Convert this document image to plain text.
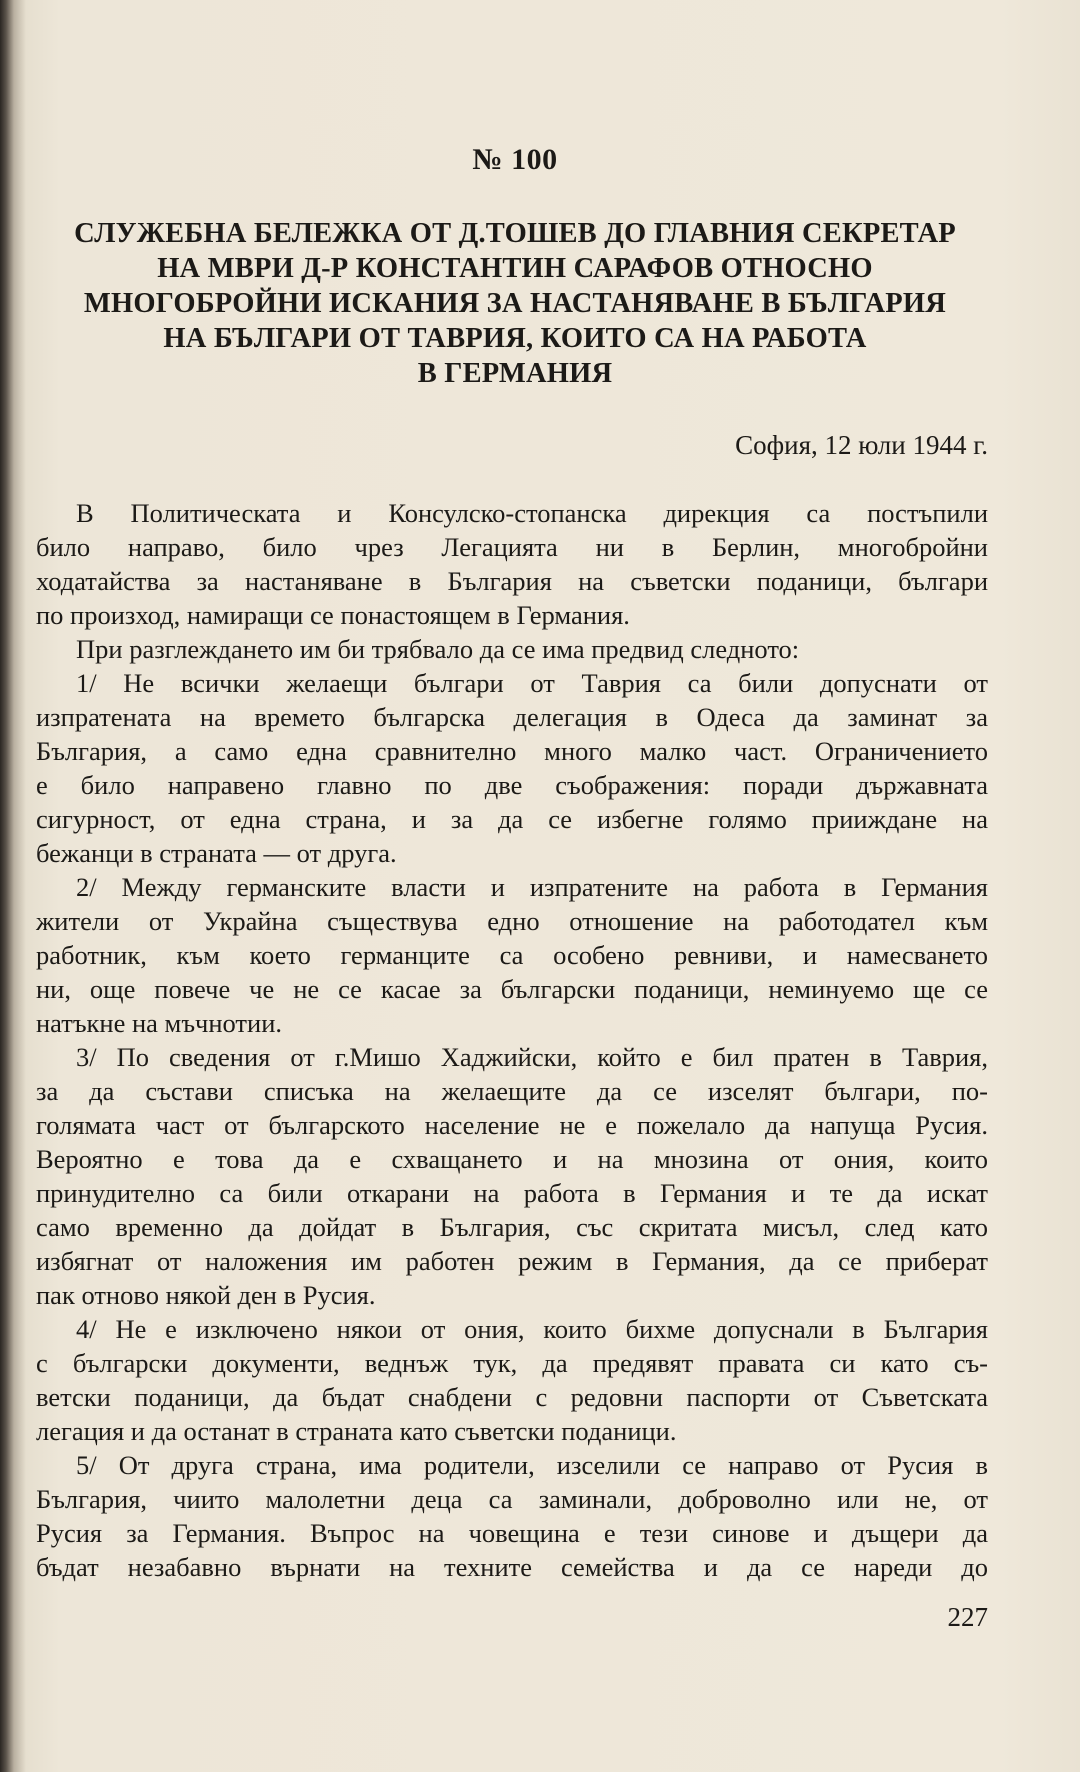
№ 100
СЛУЖЕБНА БЕЛЕЖКА ОТ Д.ТОШЕВ ДО ГЛАВНИЯ СЕКРЕТАР
НА МВРИ Д-Р КОНСТАНТИН САРАФОВ ОТНОСНО
МНОГОБРОЙНИ ИСКАНИЯ ЗА НАСТАНЯВАНЕ В БЪЛГАРИЯ
НА БЪЛГАРИ ОТ ТАВРИЯ, КОИТО СА НА РАБОТА
В ГЕРМАНИЯ
София, 12 юли 1944 г.
В Политическата и Консулско-стопанска дирекция са постъпили
било направо, било чрез Легацията ни в Берлин, многобройни
ходатайства за настаняване в България на съветски поданици, българи
по произход, намиращи се понастоящем в Германия.
При разглеждането им би трябвало да се има предвид следното:
1/ Не всички желаещи българи от Таврия са били допуснати от
изпратената на времето българска делегация в Одеса да заминат за
България, а само една сравнително много малко част. Ограничението
е било направено главно по две съображения: поради държавната
сигурност, от една страна, и за да се избегне голямо прииждане на
бежанци в страната — от друга.
2/ Между германските власти и изпратените на работа в Германия
жители от Украйна съществува едно отношение на работодател към
работник, към което германците са особено ревниви, и намесването
ни, още повече че не се касае за български поданици, неминуемо ще се
натъкне на мъчнотии.
3/ По сведения от г.Мишо Хаджийски, който е бил пратен в Таврия,
за да състави списъка на желаещите да се изселят българи, по-
голямата част от българското население не е пожелало да напуща Русия.
Вероятно е това да е схващането и на мнозина от ония, които
принудително са били откарани на работа в Германия и те да искат
само временно да дойдат в България, със скритата мисъл, след като
избягнат от наложения им работен режим в Германия, да се приберат
пак отново някой ден в Русия.
4/ Не е изключено някои от ония, които бихме допуснали в България
с български документи, веднъж тук, да предявят правата си като съ-
ветски поданици, да бъдат снабдени с редовни паспорти от Съветската
легация и да останат в страната като съветски поданици.
5/ От друга страна, има родители, изселили се направо от Русия в
България, чиито малолетни деца са заминали, доброволно или не, от
Русия за Германия. Въпрос на човещина е тези синове и дъщери да
бъдат незабавно върнати на техните семейства и да се нареди до
227
